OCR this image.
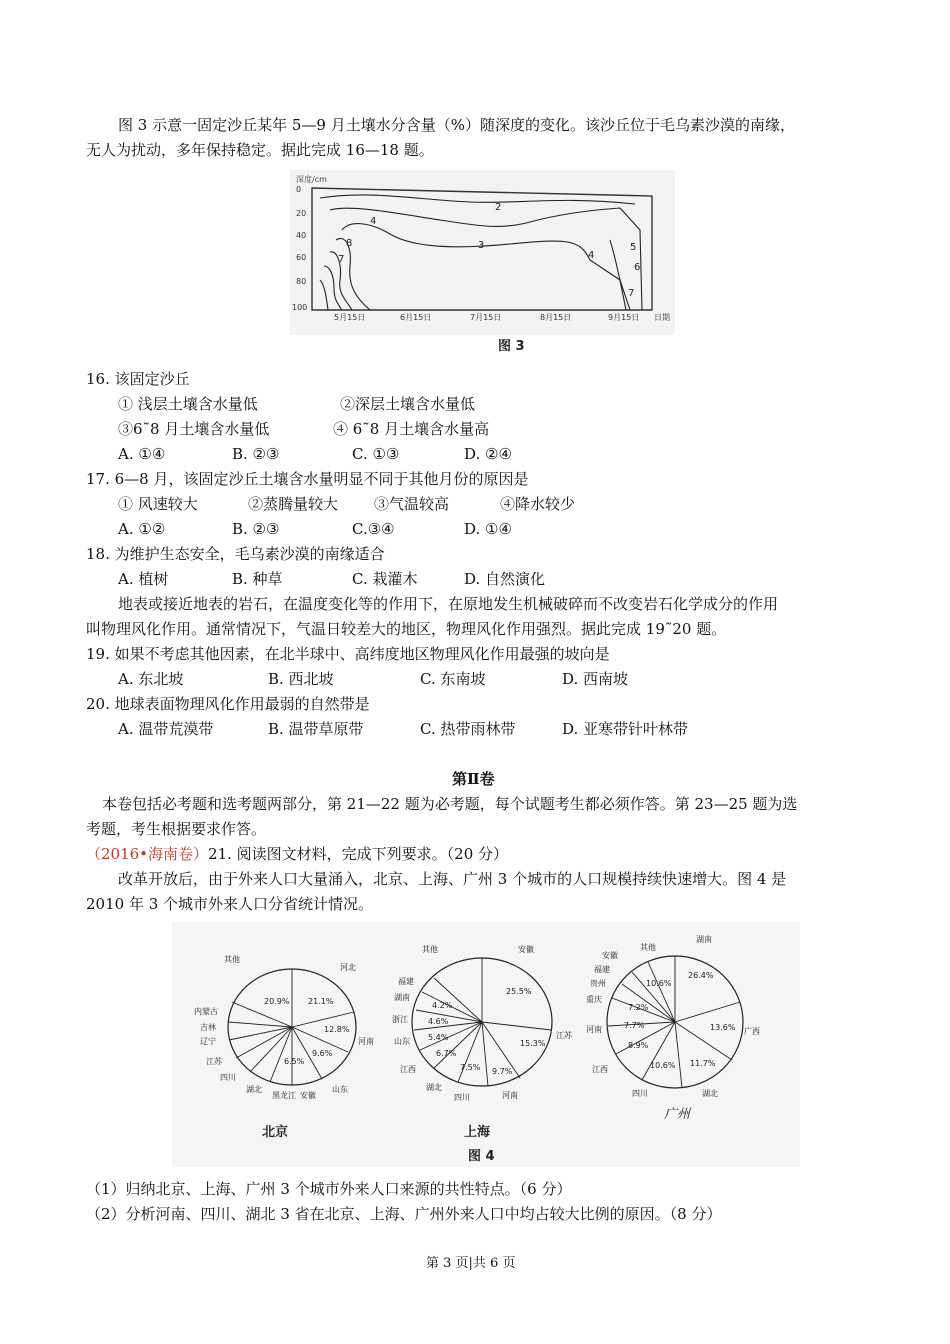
图 3 示意一固定沙丘某年 5—9 月土壤水分含量（%）随深度的变化。该沙丘位于毛乌素沙漠的南缘，
无人为扰动，多年保持稳定。据此完成 16—18 题。
深度/cm
0
20
40
60
80
100
2
3
4
4
5
6
7
8
7
5月15日	6月15日	7月15日	8月15日	9月15日 日期
图 3
16. 该固定沙丘
① 浅层土壤含水量低	②深层土壤含水量低
③6˜8 月土壤含水量低	④ 6˜8 月土壤含水量高
A. ①④	B. ②③	C. ①③	D. ②④
17. 6—8 月，该固定沙丘土壤含水量明显不同于其他月份的原因是
① 风速较大	②蒸腾量较大 ③气温较高	④降水较少
A. ①②	B. ②③	C.③④	D. ①④
18. 为维护生态安全，毛乌素沙漠的南缘适合
A. 植树	B. 种草	C. 栽灌木	D. 自然演化
地表或接近地表的岩石，在温度变化等的作用下，在原地发生机械破碎而不改变岩石化学成分的作用
叫物理风化作用。通常情况下，气温日较差大的地区，物理风化作用强烈。据此完成 19˜20 题。
19. 如果不考虑其他因素，在北半球中、高纬度地区物理风化作用最强的坡向是
A. 东北坡	B. 西北坡	C. 东南坡	D. 西南坡
20. 地球表面物理风化作用最弱的自然带是
A. 温带荒漠带	B. 温带草原带	C. 热带雨林带	D. 亚寒带针叶林带
第Ⅱ卷
本卷包括必考题和选考题两部分，第 21—22 题为必考题，每个试题考生都必须作答。第 23—25 题为选
考题，考生根据要求作答。
（2016•海南卷）21. 阅读图文材料，完成下列要求。（20 分）
改革开放后，由于外来人口大量涌入，北京、上海、广州 3 个城市的人口规模持续快速增大。图 4 是
2010 年 3 个城市外来人口分省统计情况。
20.9% 21.1%
12.8%
9.6%
6.5%
其他
河北
河南
山东
安徽
黑龙江
湖北
四川
江苏
辽宁
吉林
内蒙古
北京
25.5%
15.3%
9.7%
7.5%
6.7%
5.4%
4.6%
4.2%
其他	安徽
江苏
河南
四川
湖北
江西
山东
浙江
湖南
福建
上海
图 4
26.4%
13.6%
11.7%
10.6%
8.9%
7.7%
7.2%
10.6%
湖南
广西
湖北
四川
江西
河南
重庆
贵州
福建
安徽
其他
广州
（1）归纳北京、上海、广州 3 个城市外来人口来源的共性特点。（6 分）
（2）分析河南、四川、湖北 3 省在北京、上海、广州外来人口中均占较大比例的原因。（8 分）
第 3 页|共 6 页
